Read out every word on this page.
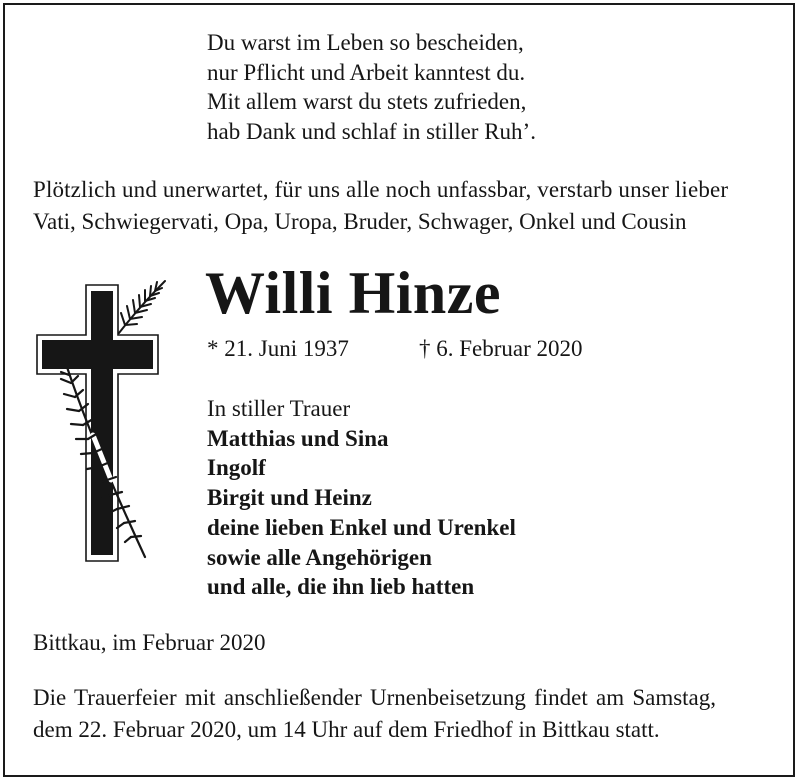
Du warst im Leben so bescheiden,
nur Pflicht und Arbeit kanntest du.
Mit allem warst du stets zufrieden,
hab Dank und schlaf in stiller Ruh’.
Plötzlich und unerwartet, für uns alle noch unfassbar, verstarb unser lieber
Vati, Schwiegervati, Opa, Uropa, Bruder, Schwager, Onkel und Cousin
Willi Hinze
* 21. Juni 1937	† 6. Februar 2020
In stiller Trauer
Matthias und Sina
Ingolf
Birgit und Heinz
deine lieben Enkel und Urenkel
sowie alle Angehörigen
und alle, die ihn lieb hatten
Bittkau, im Februar 2020
Die Trauerfeier mit anschließender Urnenbeisetzung findet am Samstag,
dem 22. Februar 2020, um 14 Uhr auf dem Friedhof in Bittkau statt.
